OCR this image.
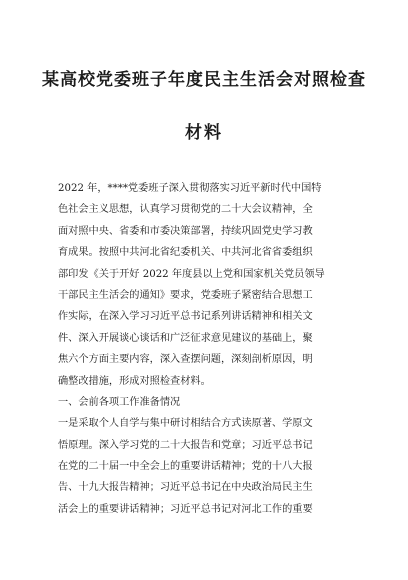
某高校党委班子年度民主生活会对照检查
材料
2022 年，****党委班子深入贯彻落实习近平新时代中国特
色社会主义思想，认真学习贯彻党的二十大会议精神，全
面对照中央、省委和市委决策部署，持续巩固党史学习教
育成果。按照中共河北省纪委机关、中共河北省省委组织
部印发《关于开好 2022 年度县以上党和国家机关党员领导
干部民主生活会的通知》要求，党委班子紧密结合思想工
作实际，在深入学习习近平总书记系列讲话精神和相关文
件、深入开展谈心谈话和广泛征求意见建议的基础上，聚
焦六个方面主要内容，深入查摆问题，深刻剖析原因，明
确整改措施，形成对照检查材料。
一、会前各项工作准备情况
一是采取个人自学与集中研讨相结合方式读原著、学原文
悟原理。深入学习党的二十大报告和党章；习近平总书记
在党的二十届一中全会上的重要讲话精神；党的十八大报
告、十九大报告精神；习近平总书记在中央政治局民主生
活会上的重要讲话精神；习近平总书记对河北工作的重要
